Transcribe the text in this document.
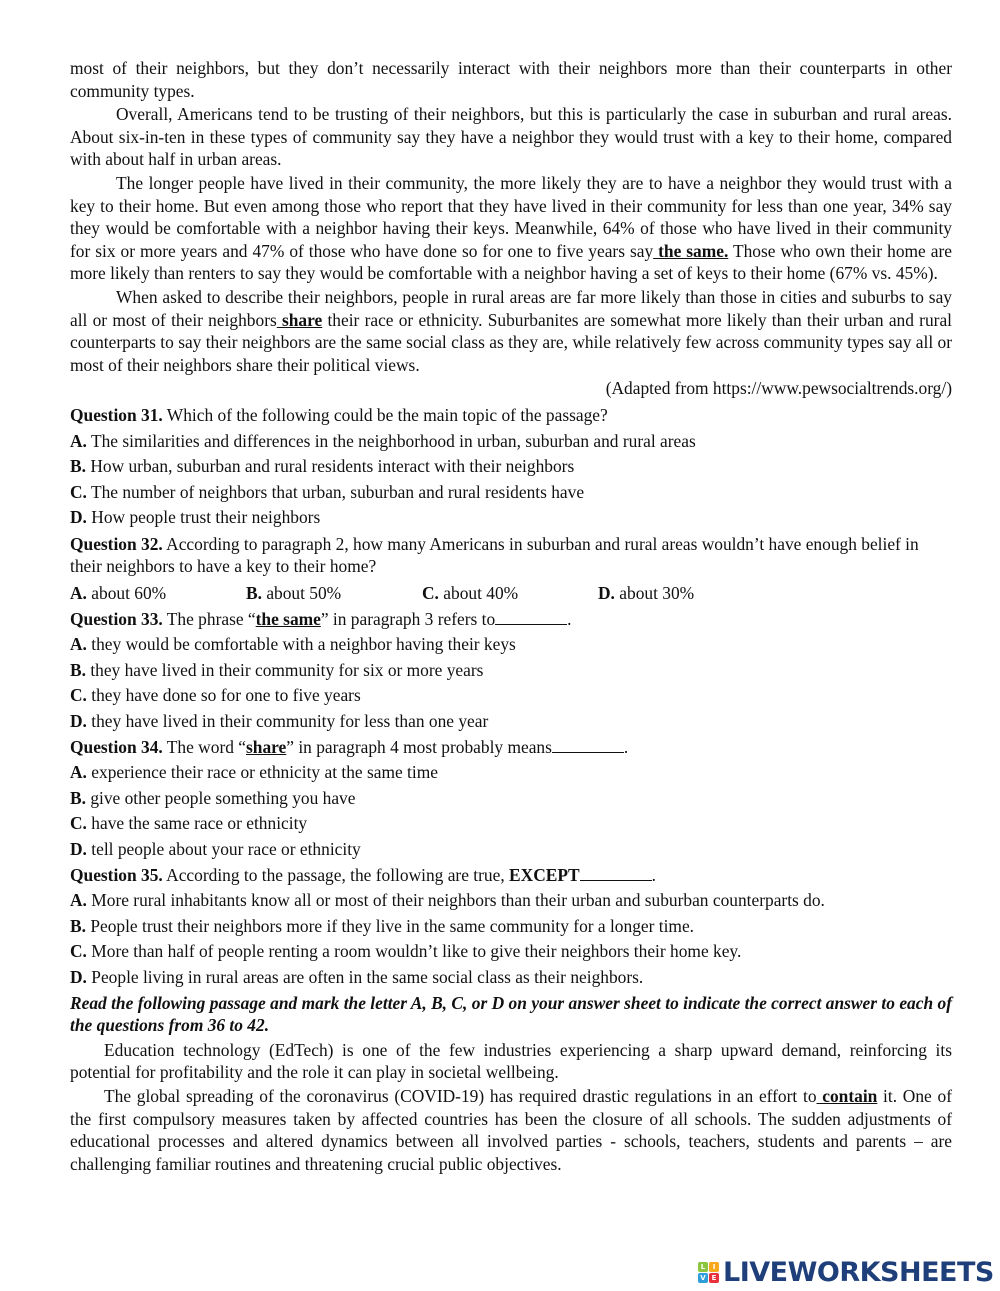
most of their neighbors, but they don’t necessarily interact with their neighbors more than their counterparts in other community types.

Overall, Americans tend to be trusting of their neighbors, but this is particularly the case in suburban and rural areas. About six-in-ten in these types of community say they have a neighbor they would trust with a key to their home, compared with about half in urban areas.

The longer people have lived in their community, the more likely they are to have a neighbor they would trust with a key to their home. But even among those who report that they have lived in their community for less than one year, 34% say they would be comfortable with a neighbor having their keys. Meanwhile, 64% of those who have lived in their community for six or more years and 47% of those who have done so for one to five years say the same. Those who own their home are more likely than renters to say they would be comfortable with a neighbor having a set of keys to their home (67% vs. 45%).

When asked to describe their neighbors, people in rural areas are far more likely than those in cities and suburbs to say all or most of their neighbors share their race or ethnicity. Suburbanites are somewhat more likely than their urban and rural counterparts to say their neighbors are the same social class as they are, while relatively few across community types say all or most of their neighbors share their political views.

(Adapted from https://www.pewsocialtrends.org/)

Question 31. Which of the following could be the main topic of the passage?

A. The similarities and differences in the neighborhood in urban, suburban and rural areas

B. How urban, suburban and rural residents interact with their neighbors

C. The number of neighbors that urban, suburban and rural residents have

D. How people trust their neighbors

Question 32. According to paragraph 2, how many Americans in suburban and rural areas wouldn’t have enough belief in their neighbors to have a key to their home?

A. about 60%	B. about 50%	C. about 40%	D. about 30%

Question 33. The phrase “the same” in paragraph 3 refers to	.

A. they would be comfortable with a neighbor having their keys

B. they have lived in their community for six or more years

C. they have done so for one to five years

D. they have lived in their community for less than one year

Question 34. The word “share” in paragraph 4 most probably means	.

A. experience their race or ethnicity at the same time

B. give other people something you have

C. have the same race or ethnicity

D. tell people about your race or ethnicity

Question 35. According to the passage, the following are true, EXCEPT	.

A. More rural inhabitants know all or most of their neighbors than their urban and suburban counterparts do.

B. People trust their neighbors more if they live in the same community for a longer time.

C. More than half of people renting a room wouldn’t like to give their neighbors their home key.

D. People living in rural areas are often in the same social class as their neighbors.

Read the following passage and mark the letter A, B, C, or D on your answer sheet to indicate the correct answer to each of the questions from 36 to 42.

Education technology (EdTech) is one of the few industries experiencing a sharp upward demand, reinforcing its potential for profitability and the role it can play in societal wellbeing.

The global spreading of the coronavirus (COVID-19) has required drastic regulations in an effort to contain it. One of the first compulsory measures taken by affected countries has been the closure of all schools. The sudden adjustments of educational processes and altered dynamics between all involved parties - schools, teachers, students and parents – are challenging familiar routines and threatening crucial public objectives.

L	I
V E LIVEWORKSHEETS
